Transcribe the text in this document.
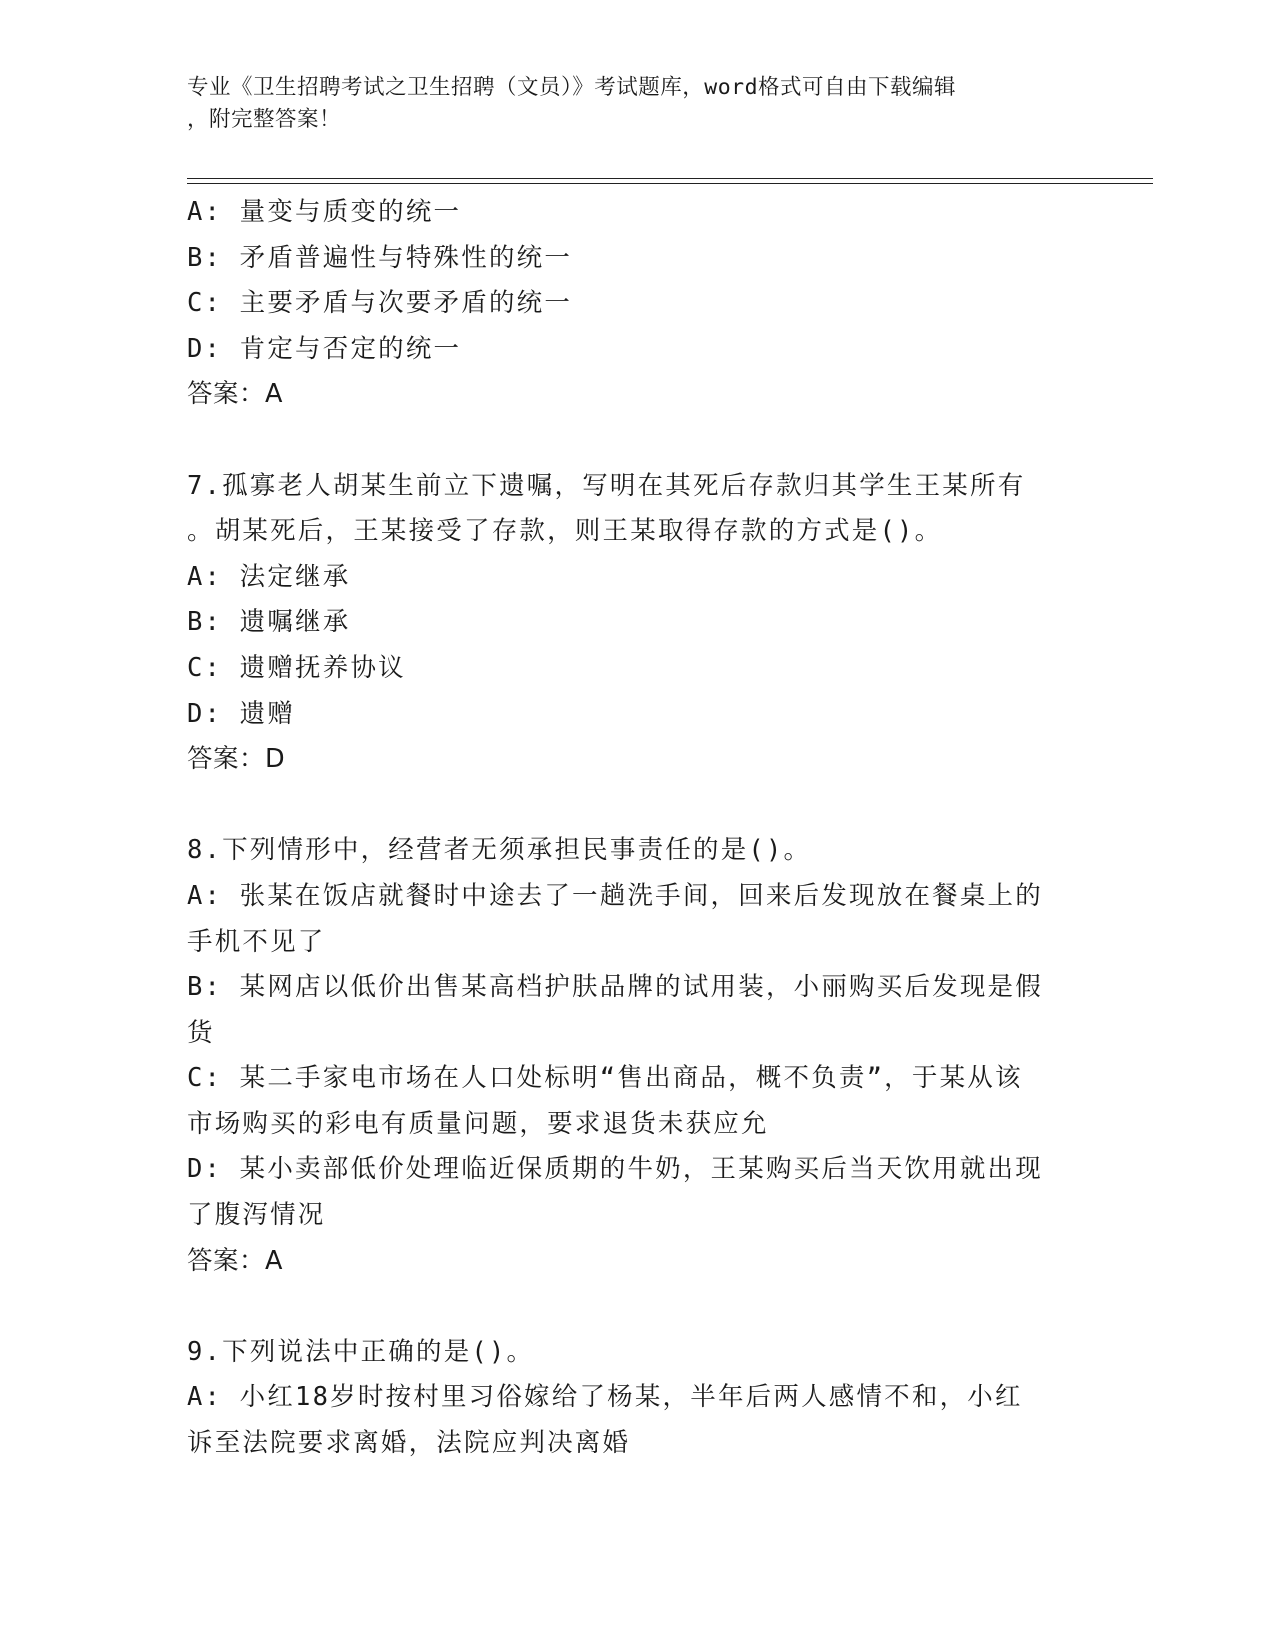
专业《卫生招聘考试之卫生招聘（文员）》考试题库，word格式可自由下载编辑
，附完整答案！
A: 量变与质变的统一
B: 矛盾普遍性与特殊性的统一
C: 主要矛盾与次要矛盾的统一
D: 肯定与否定的统一
答案：A
7.孤寡老人胡某生前立下遗嘱，写明在其死后存款归其学生王某所有
。胡某死后，王某接受了存款，则王某取得存款的方式是()。
A: 法定继承
B: 遗嘱继承
C: 遗赠抚养协议
D: 遗赠
答案：D
8.下列情形中，经营者无须承担民事责任的是()。
A: 张某在饭店就餐时中途去了一趟洗手间，回来后发现放在餐桌上的
手机不见了
B: 某网店以低价出售某高档护肤品牌的试用装，小丽购买后发现是假
货
C: 某二手家电市场在人口处标明“售出商品，概不负责”，于某从该
市场购买的彩电有质量问题，要求退货未获应允
D: 某小卖部低价处理临近保质期的牛奶，王某购买后当天饮用就出现
了腹泻情况
答案：A
9.下列说法中正确的是()。
A: 小红18岁时按村里习俗嫁给了杨某，半年后两人感情不和，小红
诉至法院要求离婚，法院应判决离婚
